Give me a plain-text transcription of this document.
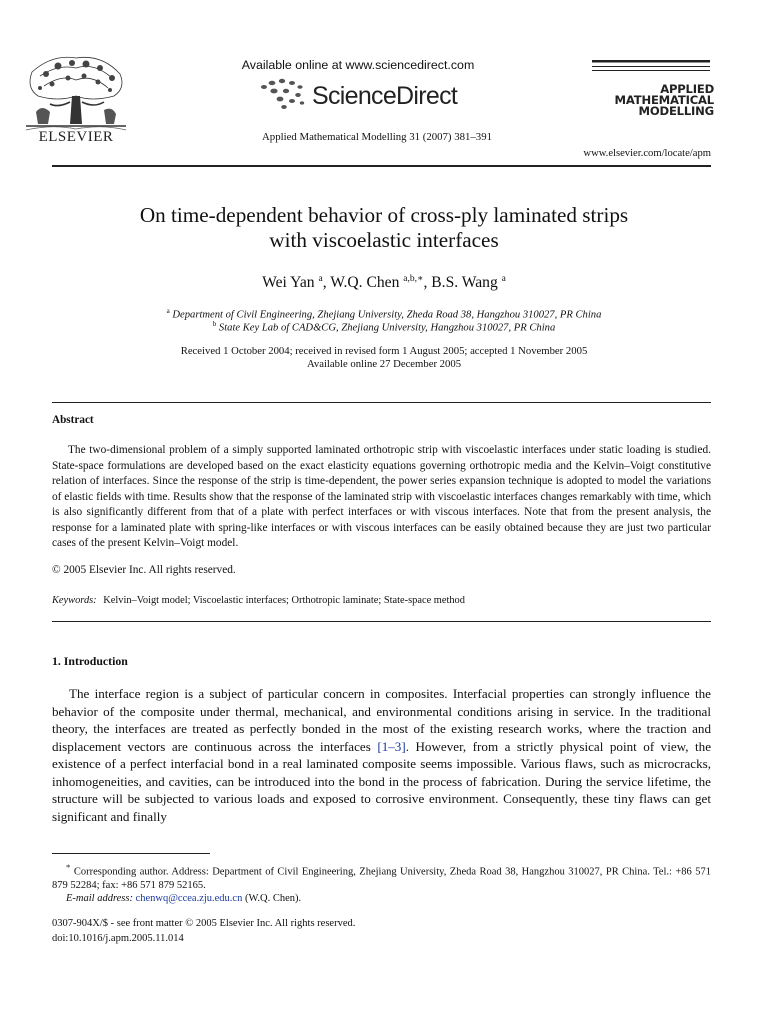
ELSEVIER
Available online at www.sciencedirect.com
ScienceDirect
Applied Mathematical Modelling 31 (2007) 381–391
APPLIED
MATHEMATICAL
MODELLING
www.elsevier.com/locate/apm
On time-dependent behavior of cross-ply laminated strips
with viscoelastic interfaces
Wei Yan $^a$, W.Q. Chen $^{a,b,∗}$, B.S. Wang $^a$
$^a$ Department of Civil Engineering, Zhejiang University, Zheda Road 38, Hangzhou 310027, PR China
$^b$ State Key Lab of CAD&CG, Zhejiang University, Hangzhou 310027, PR China
Received 1 October 2004; received in revised form 1 August 2005; accepted 1 November 2005
Available online 27 December 2005
Abstract

The two-dimensional problem of a simply supported laminated orthotropic strip with viscoelastic interfaces under static loading is studied. State-space formulations are developed based on the exact elasticity equations governing orthotropic media and the Kelvin–Voigt constitutive relation of interfaces. Since the response of the strip is time-dependent, the power series expansion technique is adopted to model the variations of elastic fields with time. Results show that the response of the laminated strip with viscoelastic interfaces changes remarkably with time, which is also significantly different from that of a plate with perfect interfaces or with viscous interfaces. Note that from the present analysis, the response for a laminated plate with spring-like interfaces or with viscous interfaces can be easily obtained because they are just two particular cases of the present Kelvin–Voigt model.

© 2005 Elsevier Inc. All rights reserved.
Keywords: Kelvin–Voigt model; Viscoelastic interfaces; Orthotropic laminate; State-space method
1. Introduction

The interface region is a subject of particular concern in composites. Interfacial properties can strongly influence the behavior of the composite under thermal, mechanical, and environmental conditions arising in service. In the traditional theory, the interfaces are treated as perfectly bonded in the most of the existing research works, where the traction and displacement vectors are continuous across the interfaces [1–3]. However, from a strictly physical point of view, the existence of a perfect interfacial bond in a real laminated composite seems impossible. Various flaws, such as microcracks, inhomogeneities, and cavities, can be introduced into the bond in the process of fabrication. During the service lifetime, the structure will be subjected to various loads and exposed to corrosive environment. Consequently, these tiny flaws can get significant and finally

* Corresponding author. Address: Department of Civil Engineering, Zhejiang University, Zheda Road 38, Hangzhou 310027, PR China. Tel.: +86 571 879 52284; fax: +86 571 879 52165.

E-mail address: chenwq@ccea.zju.edu.cn (W.Q. Chen).

0307-904X/$ - see front matter © 2005 Elsevier Inc. All rights reserved.
doi:10.1016/j.apm.2005.11.014
